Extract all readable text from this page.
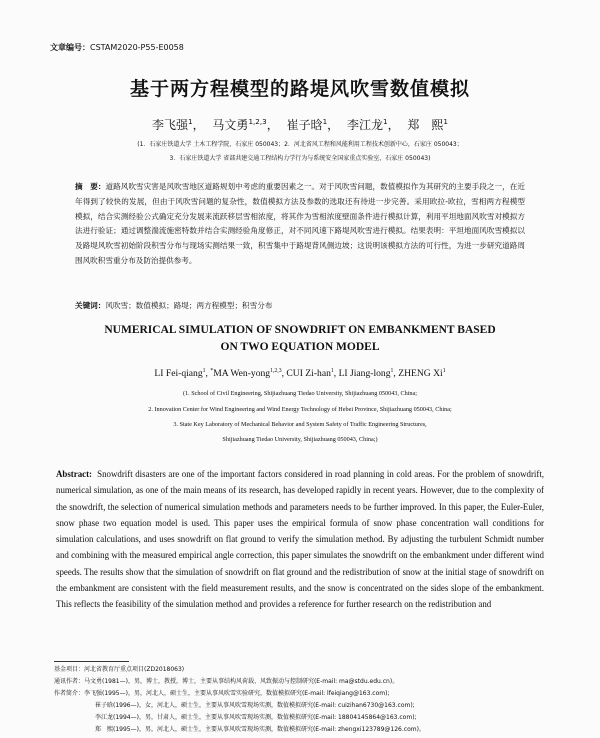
文章编号：CSTAM2020-P55-E0058
基于两方程模型的路堤风吹雪数值模拟
李飞强$^1$， 马文勇$^{1,2,3}$， 崔子晗$^1$， 李江龙$^1$， 郑　熙$^1$
(1．石家庄铁道大学 土木工程学院，石家庄 050043；2．河北省风工程和风能利用工程技术创新中心，石家庄 050043；
3．石家庄铁道大学 省部共建交通工程结构力学行为与系统安全国家重点实验室，石家庄 050043)
摘　要：道路风吹雪灾害是风吹雪地区道路规划中考虑的重要因素之一。对于风吹雪问题，数值模拟作为其研究的主要手段之一，在近年得到了较快的发展，但由于风吹雪问题的复杂性，数值模拟方法及参数的选取还有待进一步完善。采用欧拉-欧拉，雪相两方程模型模拟，结合实测经验公式确定充分发展来流跃移层雪相浓度，将其作为雪相浓度壁面条件进行模拟计算，利用平坦地面风吹雪对模拟方法进行验证；通过调整湍流施密特数并结合实测经验角度修正，对不同风速下路堤风吹雪进行模拟。结果表明：平坦地面风吹雪模拟以及路堤风吹雪初始阶段积雪分布与现场实测结果一致，积雪集中于路堤背风侧边坡；这说明该模拟方法的可行性，为进一步研究道路周围风吹积雪重分布及防治提供参考。
关键词：风吹雪；数值模拟；路堤；两方程模型；积雪分布
NUMERICAL SIMULATION OF SNOWDRIFT ON EMBANKMENT BASED
ON TWO EQUATION MODEL
LI Fei-qiang$^1$, *MA Wen-yong$^{1,2,3}$, CUI Zi-han$^1$, LI Jiang-long$^1$, ZHENG Xi$^1$
(1. School of Civil Engineering, Shijiazhuang Tiedao University, Shijiazhuang 050043, China;
2. Innovation Center for Wind Engineering and Wind Energy Technology of Hebei Province, Shijiazhuang 050043, China;
3. State Key Laboratory of Mechanical Behavior and System Safety of Traffic Engineering Structures,
Shijiazhuang Tiedao University, Shijiazhuang 050043, China;)
Abstract: Snowdrift disasters are one of the important factors considered in road planning in cold areas. For the problem of snowdrift, numerical simulation, as one of the main means of its research, has developed rapidly in recent years. However, due to the complexity of the snowdrift, the selection of numerical simulation methods and parameters needs to be further improved. In this paper, the Euler-Euler, snow phase two equation model is used. This paper uses the empirical formula of snow phase concentration wall conditions for simulation calculations, and uses snowdrift on flat ground to verify the simulation method. By adjusting the turbulent Schmidt number and combining with the measured empirical angle correction, this paper simulates the snowdrift on the embankment under different wind speeds. The results show that the simulation of snowdrift on flat ground and the redistribution of snow at the initial stage of snowdrift on the embankment are consistent with the field measurement results, and the snow is concentrated on the sides slope of the embankment. This reflects the feasibility of the simulation method and provides a reference for further research on the redistribution and
基金项目：河北省教育厅重点项目(ZD2018063)
通讯作者：马文勇(1981—)，男，博士，教授，博士，主要从事结构风荷载、风致振动与控制研究(E-mail: ma@stdu.edu.cn)。
作者简介：李飞强(1995—)，男，河北人，硕士生，主要从事风吹雪实验研究，数值模拟研究(E-mail: lfeiqiang@163.com);
崔子晗(1996—)，女，河北人，硕士生，主要从事风吹雪现场实测，数值模拟研究(E-mail: cuizihan6730@163.com);
李江龙(1994—)，男，甘肃人，硕士生，主要从事风吹雪现场实测，数值模拟研究(E-mail: 18804145864@163.com);
郑　熙(1995—)，男，河北人，硕士生，主要从事风吹雪现场实测，数值模拟研究(E-mail: zhengxi123789@126.com)。
